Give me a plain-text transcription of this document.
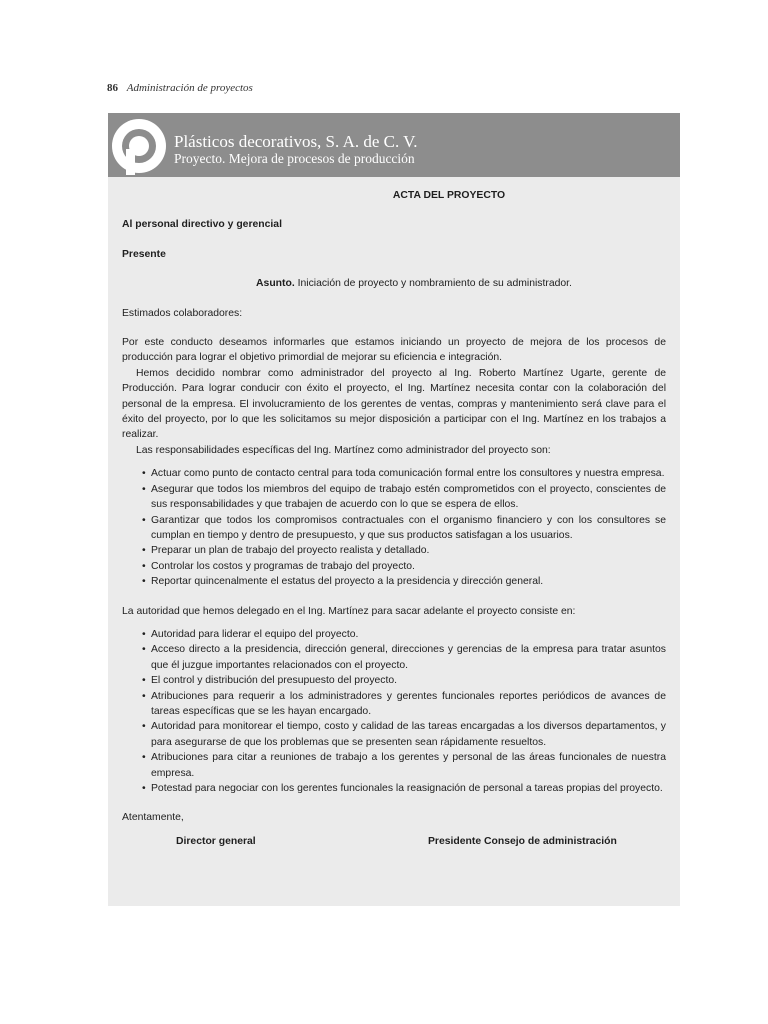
86 Administración de proyectos
Plásticos decorativos, S. A. de C. V.
Proyecto. Mejora de procesos de producción

ACTA DEL PROYECTO

Al personal directivo y gerencial

Presente

Asunto. Iniciación de proyecto y nombramiento de su administrador.

Estimados colaboradores:

Por este conducto deseamos informarles que estamos iniciando un proyecto de mejora de los procesos de producción para lograr el objetivo primordial de mejorar su eficiencia e integración.

Hemos decidido nombrar como administrador del proyecto al Ing. Roberto Martínez Ugarte, gerente de Producción. Para lograr conducir con éxito el proyecto, el Ing. Martínez necesita contar con la colaboración del personal de la empresa. El involucramiento de los gerentes de ventas, compras y mantenimiento será clave para el éxito del proyecto, por lo que les solicitamos su mejor disposición a participar con el Ing. Martínez en los trabajos a realizar.

Las responsabilidades específicas del Ing. Martínez como administrador del proyecto son:

• Actuar como punto de contacto central para toda comunicación formal entre los consultores y nuestra empresa.
• Asegurar que todos los miembros del equipo de trabajo estén comprometidos con el proyecto, conscientes de sus responsabilidades y que trabajen de acuerdo con lo que se espera de ellos.
• Garantizar que todos los compromisos contractuales con el organismo financiero y con los consultores se cumplan en tiempo y dentro de presupuesto, y que sus productos satisfagan a los usuarios.
• Preparar un plan de trabajo del proyecto realista y detallado.
• Controlar los costos y programas de trabajo del proyecto.
• Reportar quincenalmente el estatus del proyecto a la presidencia y dirección general.

La autoridad que hemos delegado en el Ing. Martínez para sacar adelante el proyecto consiste en:

• Autoridad para liderar el equipo del proyecto.
• Acceso directo a la presidencia, dirección general, direcciones y gerencias de la empresa para tratar asuntos que él juzgue importantes relacionados con el proyecto.
• El control y distribución del presupuesto del proyecto.
• Atribuciones para requerir a los administradores y gerentes funcionales reportes periódicos de avances de tareas específicas que se les hayan encargado.
• Autoridad para monitorear el tiempo, costo y calidad de las tareas encargadas a los diversos departamentos, y para asegurarse de que los problemas que se presenten sean rápidamente resueltos.
• Atribuciones para citar a reuniones de trabajo a los gerentes y personal de las áreas funcionales de nuestra empresa.
• Potestad para negociar con los gerentes funcionales la reasignación de personal a tareas propias del proyecto.

Atentamente,

Director general	Presidente Consejo de administración
